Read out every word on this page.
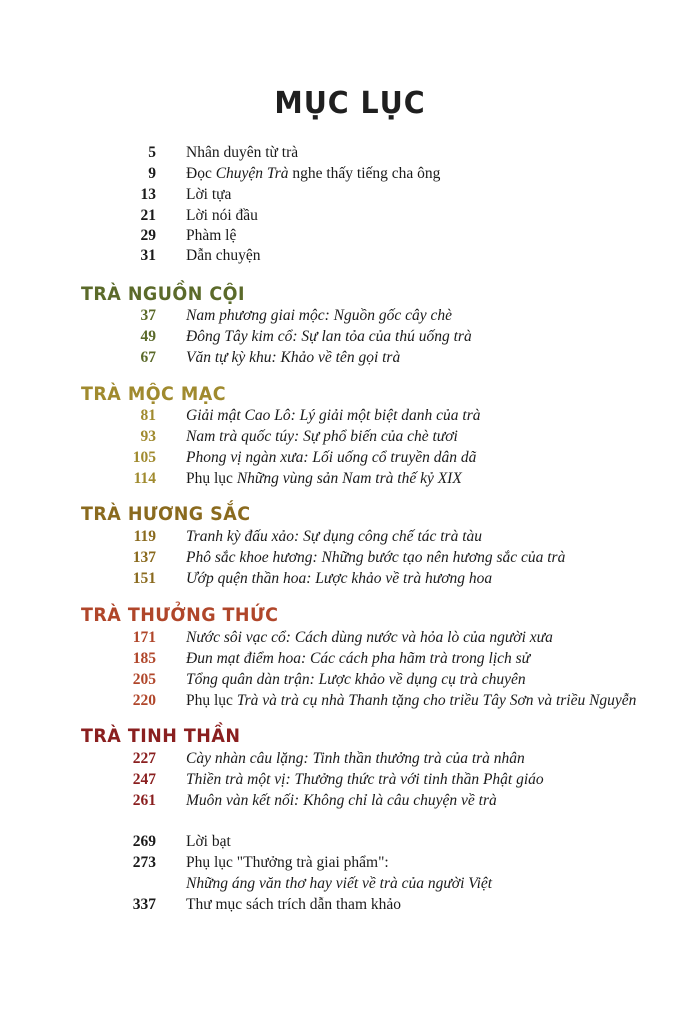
MỤC LỤC
5 Nhân duyên từ trà
9 Đọc Chuyện Trà nghe thấy tiếng cha ông
13 Lời tựa
21 Lời nói đầu
29 Phàm lệ
31 Dẫn chuyện
TRÀ NGUỒN CỘI
37 Nam phương giai mộc: Nguồn gốc cây chè
49 Đông Tây kim cổ: Sự lan tỏa của thú uống trà
67 Văn tự kỳ khu: Khảo về tên gọi trà
TRÀ MỘC MẠC
81 Giải mật Cao Lô: Lý giải một biệt danh của trà
93 Nam trà quốc túy: Sự phổ biến của chè tươi
105 Phong vị ngàn xưa: Lối uống cổ truyền dân dã
114 Phụ lục Những vùng sản Nam trà thế kỷ XIX
TRÀ HƯƠNG SẮC
119 Tranh kỳ đấu xảo: Sự dụng công chế tác trà tàu
137 Phô sắc khoe hương: Những bước tạo nên hương sắc của trà
151 Ướp quện thần hoa: Lược khảo về trà hương hoa
TRÀ THƯỞNG THỨC
171 Nước sôi vạc cổ: Cách dùng nước và hỏa lò của người xưa
185 Đun mạt điểm hoa: Các cách pha hãm trà trong lịch sử
205 Tổng quân dàn trận: Lược khảo về dụng cụ trà chuyên
220 Phụ lục Trà và trà cụ nhà Thanh tặng cho triều Tây Sơn và triều Nguyễn
TRÀ TINH THẦN
227 Cày nhàn câu lặng: Tinh thần thưởng trà của trà nhân
247 Thiền trà một vị: Thưởng thức trà với tinh thần Phật giáo
261 Muôn vàn kết nối: Không chỉ là câu chuyện về trà
269 Lời bạt
273 Phụ lục "Thưởng trà giai phẩm":
Những áng văn thơ hay viết về trà của người Việt
337 Thư mục sách trích dẫn tham khảo
